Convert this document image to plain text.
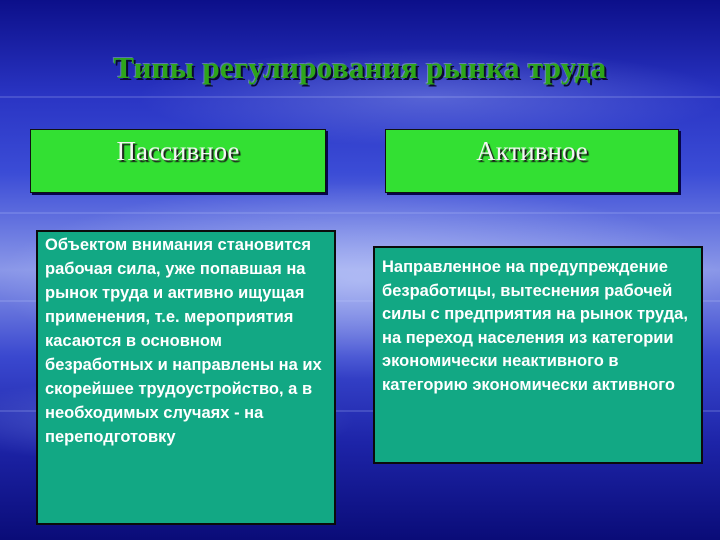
Типы регулирования рынка труда
Пассивное	Активное
Объектом внимания становится рабочая сила, уже попавшая на рынок труда и активно ищущая применения, т.е. мероприятия касаются в основном безработных и направлены на их скорейшее трудоустройство, а в необходимых случаях - на переподготовку
Направленное на предупреждение безработицы, вытеснения рабочей силы с предприятия на рынок труда, на переход населения из категории экономически неактивного в категорию экономически активного
